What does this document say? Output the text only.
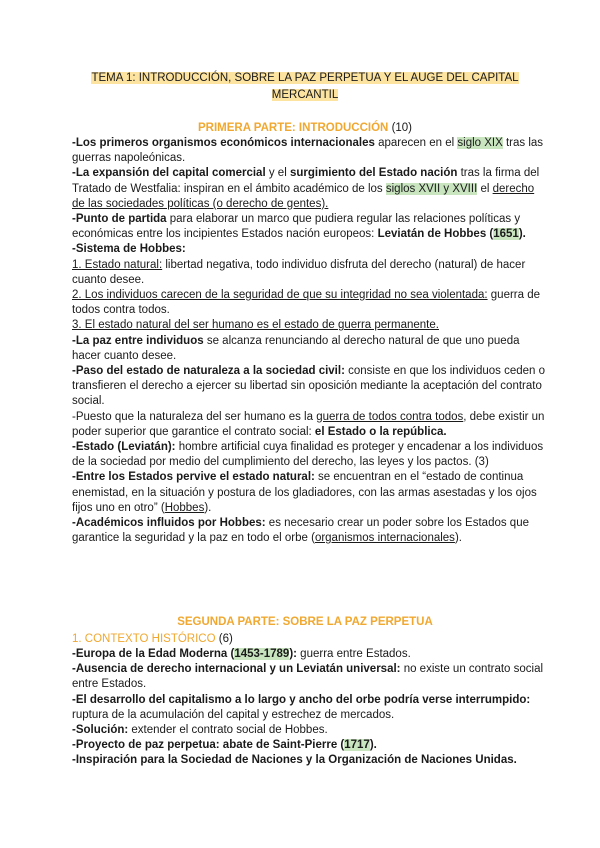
TEMA 1: INTRODUCCIÓN, SOBRE LA PAZ PERPETUA Y EL AUGE DEL CAPITAL MERCANTIL
PRIMERA PARTE: INTRODUCCIÓN (10)

-Los primeros organismos económicos internacionales aparecen en el siglo XIX tras las guerras napoleónicas.

-La expansión del capital comercial y el surgimiento del Estado nación tras la firma del Tratado de Westfalia: inspiran en el ámbito académico de los siglos XVII y XVIII el derecho de las sociedades políticas (o derecho de gentes).

-Punto de partida para elaborar un marco que pudiera regular las relaciones políticas y económicas entre los incipientes Estados nación europeos: Leviatán de Hobbes (1651).

-Sistema de Hobbes:

1. Estado natural: libertad negativa, todo individuo disfruta del derecho (natural) de hacer cuanto desee.

2. Los individuos carecen de la seguridad de que su integridad no sea violentada: guerra de todos contra todos.

3. El estado natural del ser humano es el estado de guerra permanente.

-La paz entre individuos se alcanza renunciando al derecho natural de que uno pueda hacer cuanto desee.

-Paso del estado de naturaleza a la sociedad civil: consiste en que los individuos ceden o transfieren el derecho a ejercer su libertad sin oposición mediante la aceptación del contrato social.

-Puesto que la naturaleza del ser humano es la guerra de todos contra todos, debe existir un poder superior que garantice el contrato social: el Estado o la república.

-Estado (Leviatán): hombre artificial cuya finalidad es proteger y encadenar a los individuos de la sociedad por medio del cumplimiento del derecho, las leyes y los pactos. (3)

-Entre los Estados pervive el estado natural: se encuentran en el “estado de continua enemistad, en la situación y postura de los gladiadores, con las armas asestadas y los ojos fijos uno en otro” (Hobbes).

-Académicos influidos por Hobbes: es necesario crear un poder sobre los Estados que garantice la seguridad y la paz en todo el orbe (organismos internacionales).

SEGUNDA PARTE: SOBRE LA PAZ PERPETUA
1. CONTEXTO HISTÓRICO (6)

-Europa de la Edad Moderna (1453-1789): guerra entre Estados.

-Ausencia de derecho internacional y un Leviatán universal: no existe un contrato social entre Estados.

-El desarrollo del capitalismo a lo largo y ancho del orbe podría verse interrumpido: ruptura de la acumulación del capital y estrechez de mercados.

-Solución: extender el contrato social de Hobbes.

-Proyecto de paz perpetua: abate de Saint-Pierre (1717).

-Inspiración para la Sociedad de Naciones y la Organización de Naciones Unidas.
